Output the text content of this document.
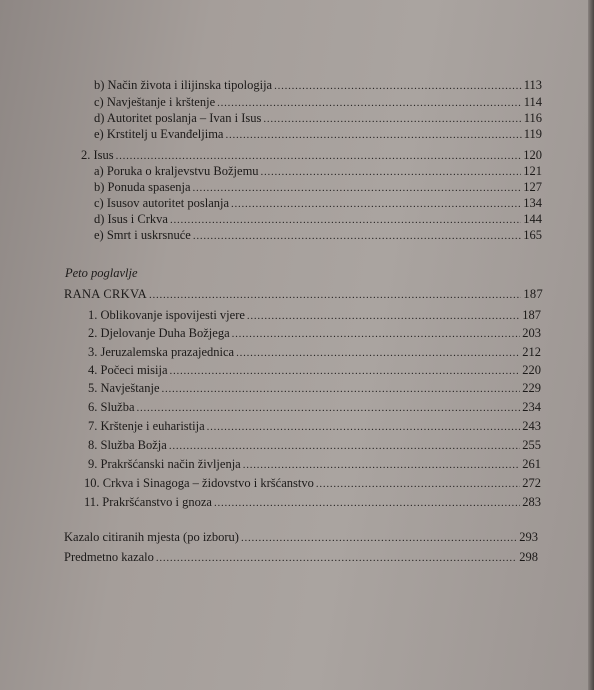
Peto poglavlje
b) Način života i ilijinska tipologija . . .	113
c) Navještanje i krštenje . . .	114
d) Autoritet poslanja – Ivan i Isus . . .	116
e) Krstitelj u Evanđeljima . . .	119
2. Isus . . .	120
a) Poruka o kraljevstvu Božjemu . . .	121
b) Ponuda spasenja . . .	127
c) Isusov autoritet poslanja . . .	134
d) Isus i Crkva . . .	144
e) Smrt i uskrsnuće . . .	165
RANA CRKVA . . .	187
1. Oblikovanje ispovijesti vjere . . .	187
2. Djelovanje Duha Božjega . . .	203
3. Jeruzalemska prazajednica . . .	212
4. Počeci misija . . .	220
5. Navještanje . . .	229
6. Služba . . .	234
7. Krštenje i euharistija . . .	243
8. Služba Božja . . .	255
9. Prakršćanski način življenja . . .	261
10. Crkva i Sinagoga – židovstvo i kršćanstvo . . .	272
11. Prakršćanstvo i gnoza . . .	283
Kazalo citiranih mjesta (po izboru) . . .	293
Predmetno kazalo . . .	298
